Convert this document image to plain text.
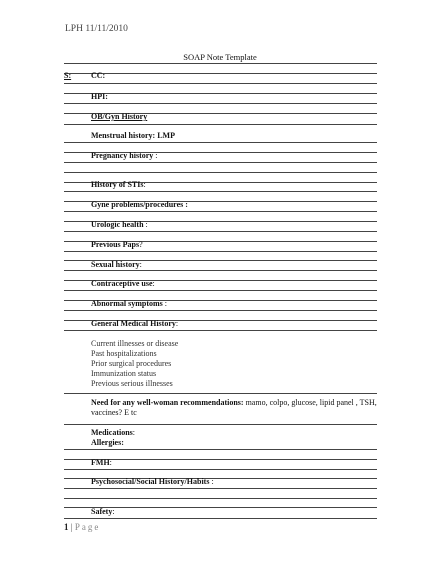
LPH 11/11/2010
SOAP Note Template
S: CC:
HPI:
OB/Gyn History
Menstrual history: LMP
Pregnancy history :
History of STIs:
Gyne problems/procedures :
Urologic health :
Previous Paps?
Sexual history:
Contraceptive use:
Abnormal symptoms :
General Medical History:
Current illnesses or disease
Past hospitalizations
Prior surgical procedures
Immunization status
Previous serious illnesses
Need for any well-woman recommendations: mamo, colpo, glucose, lipid panel , TSH, vaccines? E tc
Medications:
Allergies:
FMH:
Psychosocial/Social History/Habits :
Safety:
1 | Page
